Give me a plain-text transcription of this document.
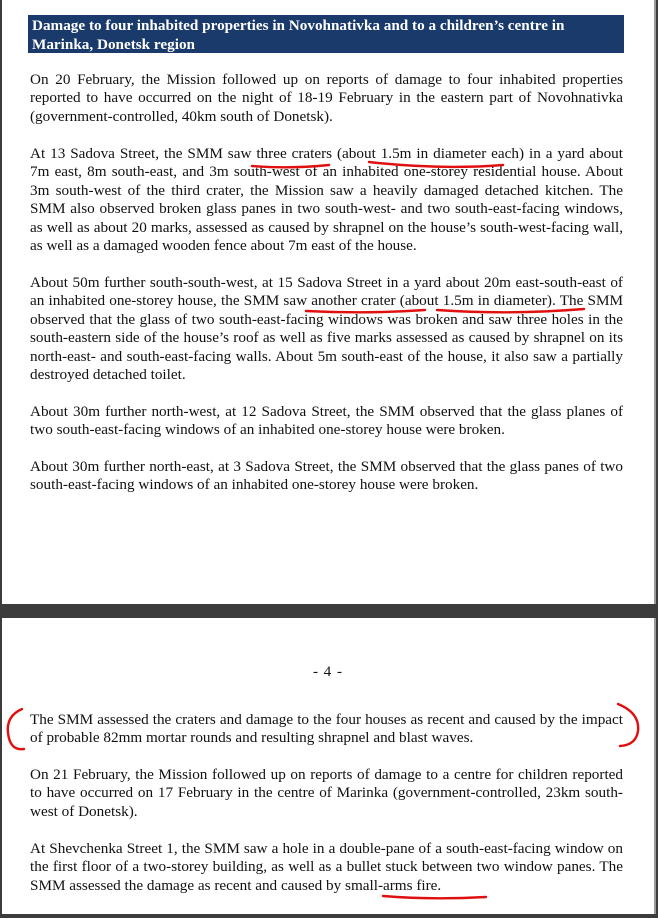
Damage to four inhabited properties in Novohnativka and to a children’s centre in Marinka, Donetsk region

On 20 February, the Mission followed up on reports of damage to four inhabited properties reported to have occurred on the night of 18-19 February in the eastern part of Novohnativka (government-controlled, 40km south of Donetsk).

At 13 Sadova Street, the SMM saw three craters (about 1.5m in diameter each) in a yard about 7m east, 8m south-east, and 3m south-west of an inhabited one-storey residential house. About 3m south-west of the third crater, the Mission saw a heavily damaged detached kitchen. The SMM also observed broken glass panes in two south-west- and two south-east-facing windows, as well as about 20 marks, assessed as caused by shrapnel on the house’s south-west-facing wall, as well as a damaged wooden fence about 7m east of the house.

About 50m further south-south-west, at 15 Sadova Street in a yard about 20m east-south-east of an inhabited one-storey house, the SMM saw another crater (about 1.5m in diameter). The SMM observed that the glass of two south-east-facing windows was broken and saw three holes in the south-eastern side of the house’s roof as well as five marks assessed as caused by shrapnel on its north-east- and south-east-facing walls. About 5m south-east of the house, it also saw a partially destroyed detached toilet.

About 30m further north-west, at 12 Sadova Street, the SMM observed that the glass planes of two south-east-facing windows of an inhabited one-storey house were broken.

About 30m further north-east, at 3 Sadova Street, the SMM observed that the glass panes of two south-east-facing windows of an inhabited one-storey house were broken.

- 4 -

The SMM assessed the craters and damage to the four houses as recent and caused by the impact of probable 82mm mortar rounds and resulting shrapnel and blast waves.

On 21 February, the Mission followed up on reports of damage to a centre for children reported to have occurred on 17 February in the centre of Marinka (government-controlled, 23km south-west of Donetsk).

At Shevchenka Street 1, the SMM saw a hole in a double-pane of a south-east-facing window on the first floor of a two-storey building, as well as a bullet stuck between two window panes. The SMM assessed the damage as recent and caused by small-arms fire.
